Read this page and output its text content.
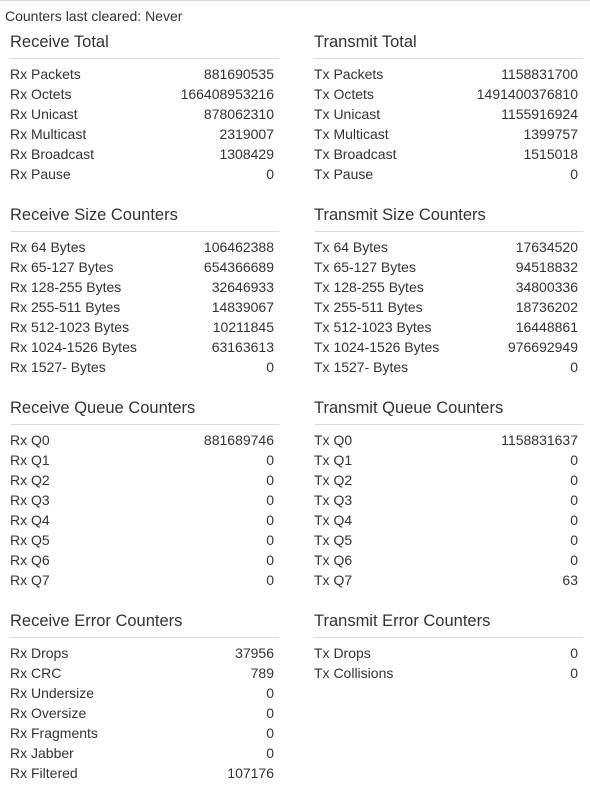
Counters last cleared: Never
Receive Total
Rx Packets	881690535
Rx Octets	166408953216
Rx Unicast	878062310
Rx Multicast	2319007
Rx Broadcast	1308429
Rx Pause	0
Receive Size Counters
Rx 64 Bytes	106462388
Rx 65-127 Bytes	654366689
Rx 128-255 Bytes	32646933
Rx 255-511 Bytes	14839067
Rx 512-1023 Bytes	10211845
Rx 1024-1526 Bytes	63163613
Rx 1527- Bytes	0
Receive Queue Counters
Rx Q0	881689746
Rx Q1	0
Rx Q2	0
Rx Q3	0
Rx Q4	0
Rx Q5	0
Rx Q6	0
Rx Q7	0
Receive Error Counters
Rx Drops	37956
Rx CRC	789
Rx Undersize	0
Rx Oversize	0
Rx Fragments	0
Rx Jabber	0
Rx Filtered	107176
Transmit Total
Tx Packets	1158831700
Tx Octets	1491400376810
Tx Unicast	1155916924
Tx Multicast	1399757
Tx Broadcast	1515018
Tx Pause	0
Transmit Size Counters
Tx 64 Bytes	17634520
Tx 65-127 Bytes	94518832
Tx 128-255 Bytes	34800336
Tx 255-511 Bytes	18736202
Tx 512-1023 Bytes	16448861
Tx 1024-1526 Bytes	976692949
Tx 1527- Bytes	0
Transmit Queue Counters
Tx Q0	1158831637
Tx Q1	0
Tx Q2	0
Tx Q3	0
Tx Q4	0
Tx Q5	0
Tx Q6	0
Tx Q7	63
Transmit Error Counters
Tx Drops	0
Tx Collisions	0
